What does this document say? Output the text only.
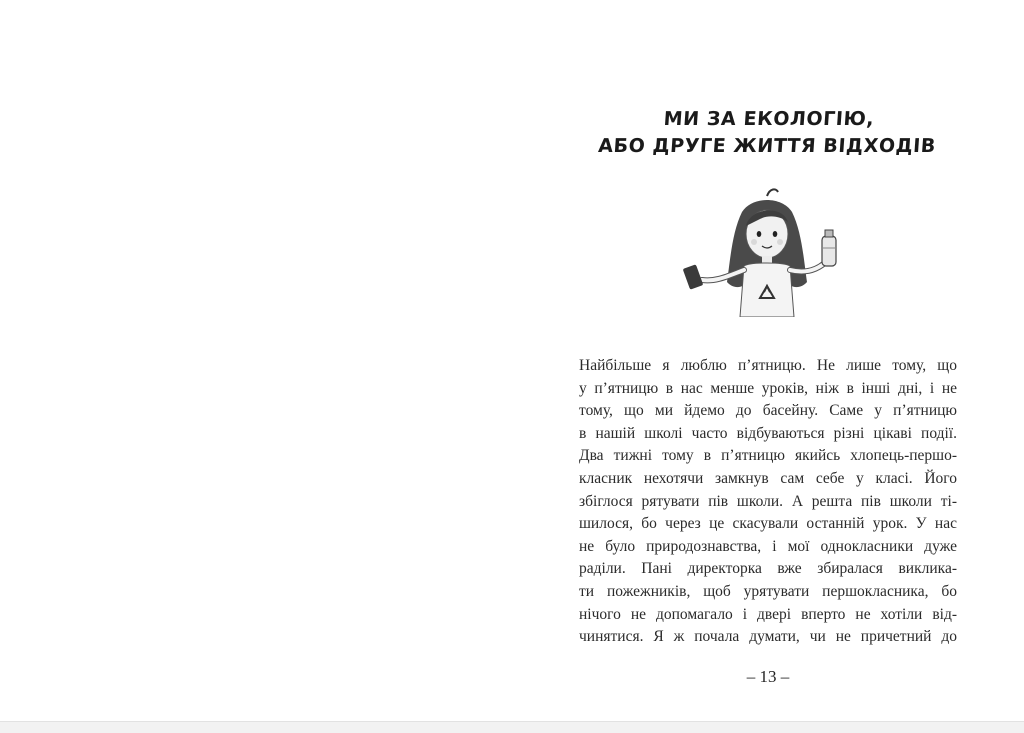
МИ ЗА ЕКОЛОГІЮ,
АБО ДРУГЕ ЖИТТЯ ВІДХОДІВ
Найбільше я люблю п’ятницю. Не лише тому, що
у п’ятницю в нас менше уроків, ніж в інші дні, і не
тому, що ми йдемо до басейну. Саме у п’ятницю
в нашій школі часто відбуваються різні цікаві події.
Два тижні тому в п’ятницю якийсь хлопець-першо-
класник нехотячи замкнув сам себе у класі. Його
збіглося рятувати пів школи. А решта пів школи ті-
шилося, бо через це скасували останній урок. У нас
не було природознавства, і мої однокласники дуже
раділи. Пані директорка вже збиралася виклика-
ти пожежників, щоб урятувати першокласника, бо
нічого не допомагало і двері вперто не хотіли від-
чинятися. Я ж почала думати, чи не причетний до
– 13 –
